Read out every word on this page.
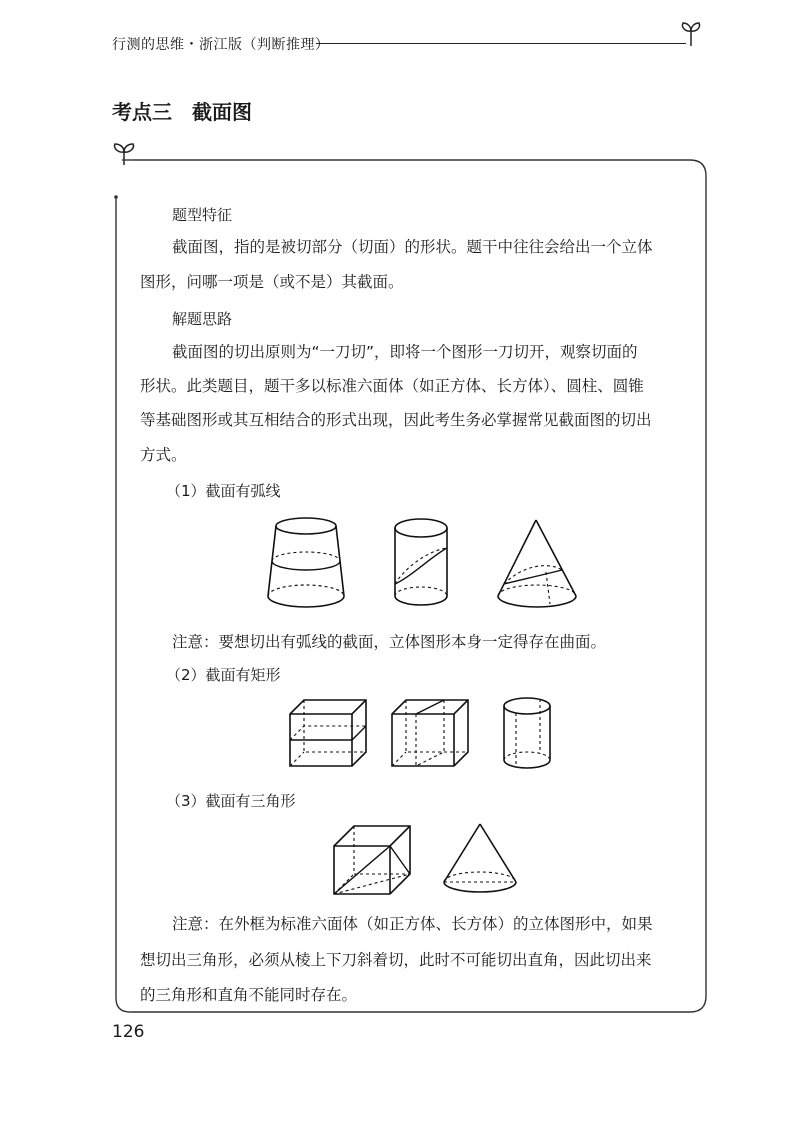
行测的思维・浙江版（判断推理）
考点三　截面图
题型特征
截面图，指的是被切部分（切面）的形状。题干中往往会给出一个立体
图形，问哪一项是（或不是）其截面。
解题思路
截面图的切出原则为“一刀切”，即将一个图形一刀切开，观察切面的
形状。此类题目，题干多以标准六面体（如正方体、长方体）、圆柱、圆锥
等基础图形或其互相结合的形式出现，因此考生务必掌握常见截面图的切出
方式。
（1）截面有弧线
注意：要想切出有弧线的截面，立体图形本身一定得存在曲面。
（2）截面有矩形
（3）截面有三角形
注意：在外框为标准六面体（如正方体、长方体）的立体图形中，如果
想切出三角形，必须从棱上下刀斜着切，此时不可能切出直角，因此切出来
的三角形和直角不能同时存在。
126
